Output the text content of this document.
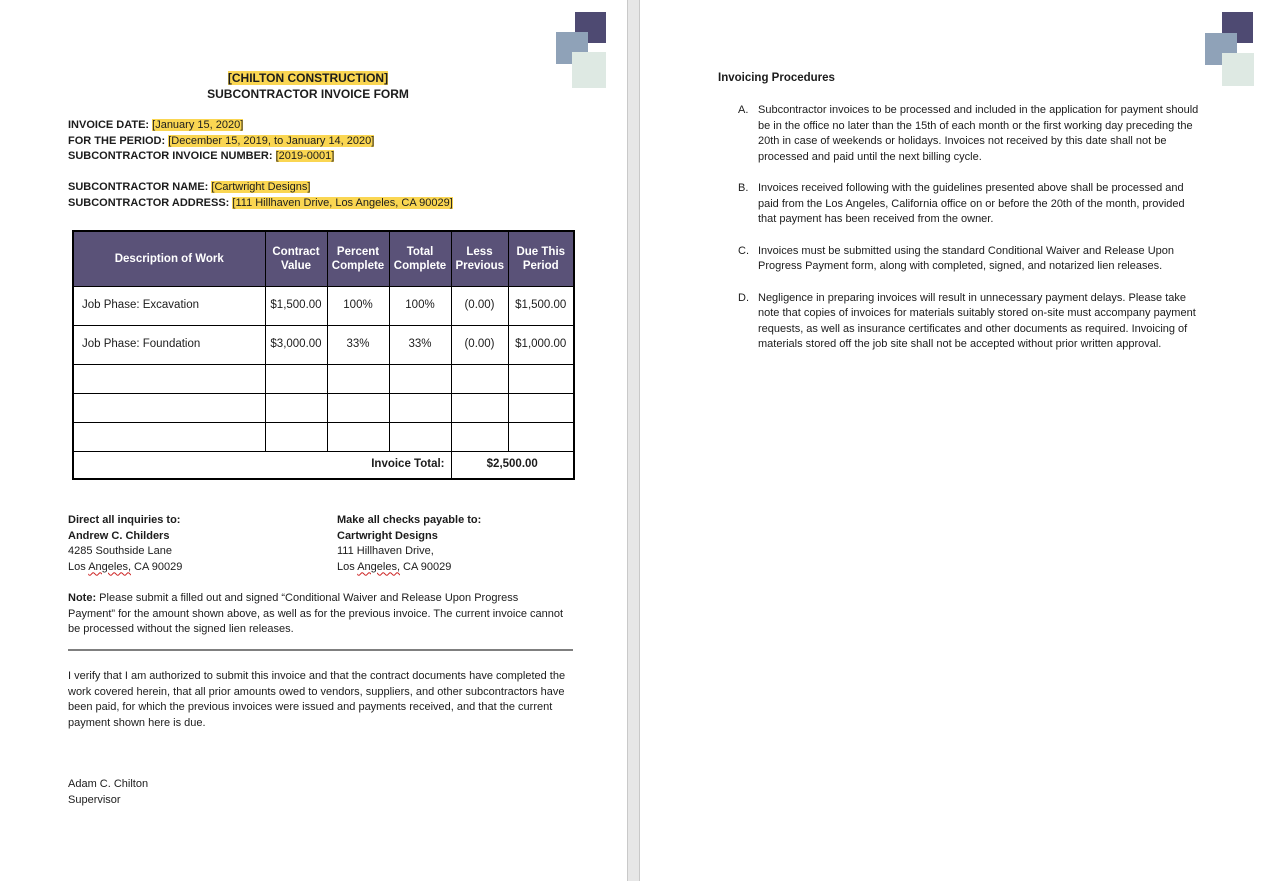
[CHILTON CONSTRUCTION]
SUBCONTRACTOR INVOICE FORM
INVOICE DATE: [January 15, 2020]
FOR THE PERIOD: [December 15, 2019, to January 14, 2020]
SUBCONTRACTOR INVOICE NUMBER: [2019-0001]
SUBCONTRACTOR NAME: [Cartwright Designs]
SUBCONTRACTOR ADDRESS: [111 Hillhaven Drive, Los Angeles, CA 90029]
Description of Work	Contract Value	Percent Complete	Total Complete	Less Previous	Due This Period
Job Phase: Excavation	$1,500.00	100%	100%	(0.00)	$1,500.00
Job Phase: Foundation	$3,000.00	33%	33%	(0.00)	$1,000.00

Invoice Total:				$2,500.00	
Direct all inquiries to:
Andrew C. Childers
4285 Southside Lane
Los Angeles, CA 90029
Make all checks payable to:
Cartwright Designs
111 Hillhaven Drive,
Los Angeles, CA 90029
Note: Please submit a filled out and signed “Conditional Waiver and Release Upon Progress Payment” for the amount shown above, as well as for the previous invoice. The current invoice cannot be processed without the signed lien releases.
I verify that I am authorized to submit this invoice and that the contract documents have completed the work covered herein, that all prior amounts owed to vendors, suppliers, and other subcontractors have been paid, for which the previous invoices were issued and payments received, and that the current payment shown here is due.
Adam C. Chilton
Supervisor
Invoicing Procedures
A. Subcontractor invoices to be processed and included in the application for payment should be in the office no later than the 15th of each month or the first working day preceding the 20th in case of weekends or holidays. Invoices not received by this date shall not be processed and paid until the next billing cycle.
B. Invoices received following with the guidelines presented above shall be processed and paid from the Los Angeles, California office on or before the 20th of the month, provided that payment has been received from the owner.
C. Invoices must be submitted using the standard Conditional Waiver and Release Upon Progress Payment form, along with completed, signed, and notarized lien releases.
D. Negligence in preparing invoices will result in unnecessary payment delays. Please take note that copies of invoices for materials suitably stored on-site must accompany payment requests, as well as insurance certificates and other documents as required. Invoicing of materials stored off the job site shall not be accepted without prior written approval.
